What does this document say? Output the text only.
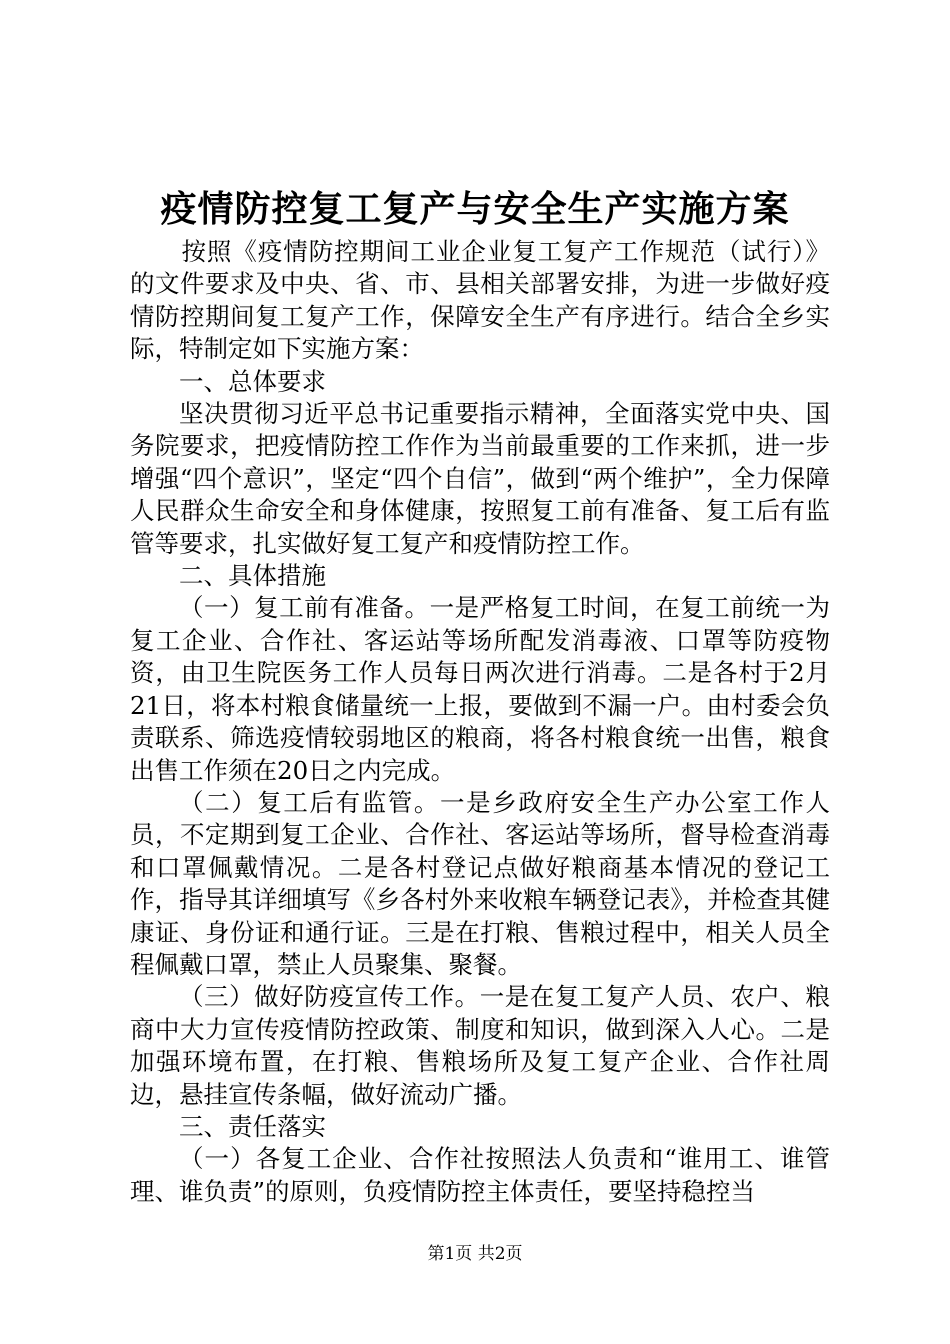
疫情防控复工复产与安全生产实施方案

按照《疫情防控期间工业企业复工复产工作规范（试行）》的文件要求及中央、省、市、县相关部署安排，为进一步做好疫情防控期间复工复产工作，保障安全生产有序进行。结合全乡实际，特制定如下实施方案：

一、总体要求

坚决贯彻习近平总书记重要指示精神，全面落实党中央、国务院要求，把疫情防控工作作为当前最重要的工作来抓，进一步增强“四个意识”，坚定“四个自信”，做到“两个维护”，全力保障人民群众生命安全和身体健康，按照复工前有准备、复工后有监管等要求，扎实做好复工复产和疫情防控工作。

二、具体措施

（一）复工前有准备。一是严格复工时间，在复工前统一为复工企业、合作社、客运站等场所配发消毒液、口罩等防疫物资，由卫生院医务工作人员每日两次进行消毒。二是各村于2月21日，将本村粮食储量统一上报，要做到不漏一户。由村委会负责联系、筛选疫情较弱地区的粮商，将各村粮食统一出售，粮食出售工作须在20日之内完成。

（二）复工后有监管。一是乡政府安全生产办公室工作人员，不定期到复工企业、合作社、客运站等场所，督导检查消毒和口罩佩戴情况。二是各村登记点做好粮商基本情况的登记工作，指导其详细填写《乡各村外来收粮车辆登记表》，并检查其健康证、身份证和通行证。三是在打粮、售粮过程中，相关人员全程佩戴口罩，禁止人员聚集、聚餐。

（三）做好防疫宣传工作。一是在复工复产人员、农户、粮商中大力宣传疫情防控政策、制度和知识，做到深入人心。二是加强环境布置，在打粮、售粮场所及复工复产企业、合作社周边，悬挂宣传条幅，做好流动广播。

三、责任落实

（一）各复工企业、合作社按照法人负责和“谁用工、谁管理、谁负责”的原则，负疫情防控主体责任，要坚持稳控当

第1页 共2页
